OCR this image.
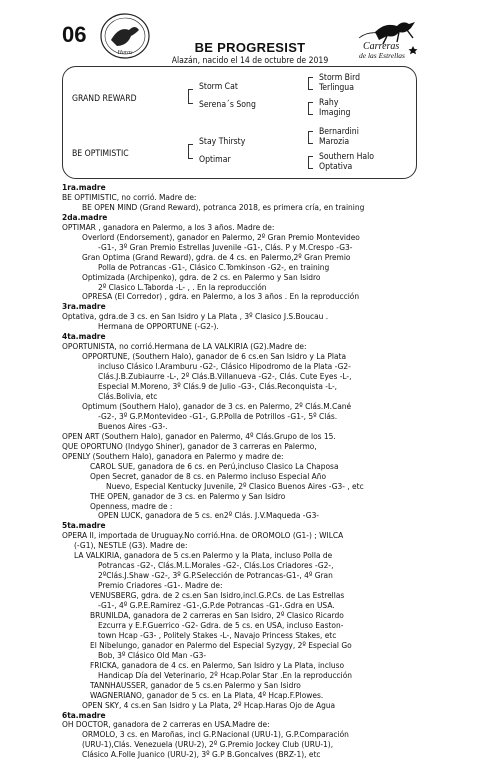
06
Haras
Carreras
de las Estrellas
BE PROGRESIST
Alazán, nacido el 14 de octubre de 2019
GRAND REWARD
BE OPTIMISTIC
Storm Cat
Serena´s Song
Stay Thirsty
Optimar
Storm Bird
Terlingua
Rahy
Imaging
Bernardini
Marozia
Southern Halo
Optativa
1ra.madre
BE OPTIMISTIC, no corrió. Madre de:
BE OPEN MIND (Grand Reward), potranca 2018, es primera cría, en training
2da.madre
OPTIMAR , ganadora en Palermo, a los 3 años. Madre de:
Overlord (Endorsement), ganador en Palermo, 2º Gran Premio Montevideo
-G1-, 3º Gran Premio Estrellas Juvenile -G1-, Clás. P y M.Crespo -G3-
Gran Optima (Grand Reward), gdra. de 4 cs. en Palermo,2º Gran Premio
Polla de Potrancas -G1-, Clásico C.Tomkinson -G2-, en training
Optimizada (Archipenko), gdra. de 2 cs. en Palermo y San Isidro
2º Clasico L.Taborda -L- , . En la reproducción
OPRESA (El Corredor) , gdra. en Palermo, a los 3 años . En la reproducción
3ra.madre
Optativa, gdra.de 3 cs. en San Isidro y La Plata , 3º Clasico J.S.Boucau .
Hermana de OPPORTUNE (-G2-).
4ta.madre
OPORTUNISTA, no corrió.Hermana de LA VALKIRIA (G2).Madre de:
OPPORTUNE, (Southern Halo), ganador de 6 cs.en San Isidro y La Plata
incluso Clásico I.Aramburu -G2-, Clásico Hipodromo de la Plata -G2-
Clás.J.B.Zubiaurre -L-, 2º Clás.B.Villanueva -G2-, Clás. Cute Eyes -L-,
Especial M.Moreno, 3º Clás.9 de Julio -G3-, Clás.Reconquista -L-,
Clás.Bolivia, etc
Optimum (Southern Halo), ganador de 3 cs. en Palermo, 2º Clás.M.Cané
-G2-, 3º G.P.Montevideo -G1-, G.P.Polla de Potrillos -G1-, 5º Clás.
Buenos Aires -G3-.
OPEN ART (Southern Halo), ganador en Palermo, 4º Clás.Grupo de los 15.
QUE OPORTUNO (Indygo Shiner), ganador de 3 carreras en Palermo,
OPENLY (Southern Halo), ganadora en Palermo y madre de:
CAROL SUE, ganadora de 6 cs. en Perú,incluso Clasico La Chaposa
Open Secret, ganador de 8 cs. en Palermo incluso Especial Año
Nuevo, Especial Kentucky Juvenile, 2º Clasico Buenos Aires -G3- , etc
THE OPEN, ganador de 3 cs. en Palermo y San Isidro
Openness, madre de :
OPEN LUCK, ganadora de 5 cs. en2º Clás. J.V.Maqueda -G3-
5ta.madre
OPERA II, importada de Uruguay.No corrió.Hna. de OROMOLO (G1-) ; WILCA
(-G1), NESTLE (G3). Madre de:
LA VALKIRIA, ganadora de 5 cs.en Palermo y la Plata, incluso Polla de
Potrancas -G2-, Clás.M.L.Morales -G2-, Clás.Los Criadores -G2-,
2ºClás.J.Shaw -G2-, 3º G.P.Selección de Potrancas-G1-, 4º Gran
Premio Criadores -G1-. Madre de:
VENUSBERG, gdra. de 2 cs.en San Isidro,incl.G.P.Cs. de Las Estrellas
-G1-, 4º G.P.E.Ramirez -G1-,G.P.de Potrancas -G1-.Gdra en USA.
BRUNILDA, ganadora de 2 carreras en San Isidro, 2º Clasico Ricardo
Ezcurra y E.F.Guerrico -G2- Gdra. de 5 cs. en USA, incluso Easton-
town Hcap -G3- , Politely Stakes -L-, Navajo Princess Stakes, etc
El Nibelungo, ganador en Palermo del Especial Syzygy, 2º Especial Go
Bob, 3º Clásico Old Man -G3-
FRICKA, ganadora de 4 cs. en Palermo, San Isidro y La Plata, incluso
Handicap Día del Veterinario, 2º Hcap.Polar Star .En la reproducción
TANNHAUSSER, ganador de 5 cs.en Palermo y San Isidro
WAGNERIANO, ganador de 5 cs. en La Plata, 4º Hcap.F.Plowes.
OPEN SKY, 4 cs.en San Isidro y La Plata, 2º Hcap.Haras Ojo de Agua
6ta.madre
OH DOCTOR, ganadora de 2 carreras en USA.Madre de:
ORMOLO, 3 cs. en Maroñas, incl G.P.Nacional (URU-1), G.P.Comparación
(URU-1),Clás. Venezuela (URU-2), 2º G.Premio Jockey Club (URU-1),
Clásico A.Folle Juanico (URU-2), 3º G.P B.Goncalves (BRZ-1), etc
